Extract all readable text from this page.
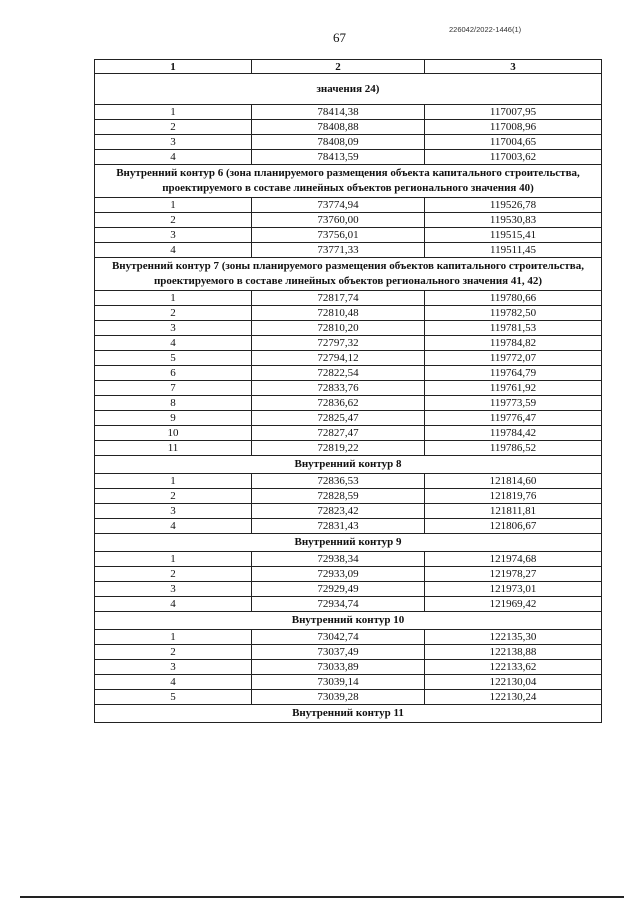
67
226042/2022-1446(1)
1	2	3
значения 24)		
1	78414,38	117007,95
2	78408,88	117008,96
3	78408,09	117004,65
4	78413,59	117003,62
Внутренний контур 6 (зона планируемого размещения объекта капитального строительства, проектируемого в составе линейных объектов регионального значения 40)		
1	73774,94	119526,78
2	73760,00	119530,83
3	73756,01	119515,41
4	73771,33	119511,45
Внутренний контур 7 (зоны планируемого размещения объектов капитального строительства, проектируемого в составе линейных объектов регионального значения 41, 42)		
1	72817,74	119780,66
2	72810,48	119782,50
3	72810,20	119781,53
4	72797,32	119784,82
5	72794,12	119772,07
6	72822,54	119764,79
7	72833,76	119761,92
8	72836,62	119773,59
9	72825,47	119776,47
10	72827,47	119784,42
11	72819,22	119786,52
Внутренний контур 8		
1	72836,53	121814,60
2	72828,59	121819,76
3	72823,42	121811,81
4	72831,43	121806,67
Внутренний контур 9		
1	72938,34	121974,68
2	72933,09	121978,27
3	72929,49	121973,01
4	72934,74	121969,42
Внутренний контур 10		
1	73042,74	122135,30
2	73037,49	122138,88
3	73033,89	122133,62
4	73039,14	122130,04
5	73039,28	122130,24
Внутренний контур 11		
